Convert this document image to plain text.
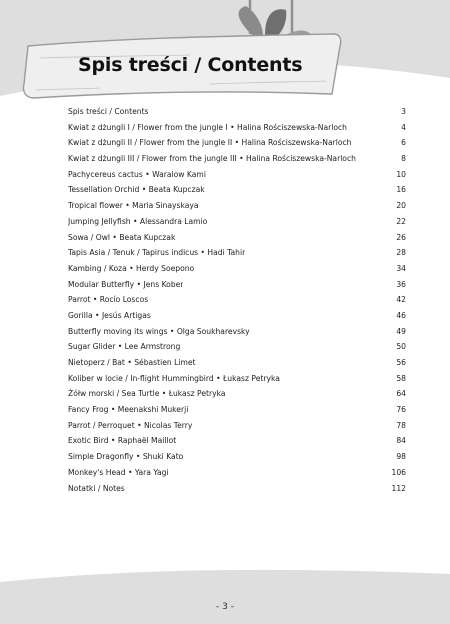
Spis treści / Contents
Spis treści / Contents	3
Kwiat z dżungli I / Flower from the jungle I • Halina Rościszewska-Narloch	4
Kwiat z dżungli II / Flower from the jungle II • Halina Rościszewska-Narloch	6
Kwiat z dżungli III / Flower from the jungle III • Halina Rościszewska-Narloch	8
Pachycereus cactus • Waralow Kami	10
Tessellation Orchid • Beata Kupczak	16
Tropical flower • Maria Sinayskaya	20
Jumping Jellyfish • Alessandra Lamio	22
Sowa / Owl • Beata Kupczak	26
Tapis Asia / Tenuk / Tapirus indicus • Hadi Tahir	28
Kambing / Koza • Herdy Soepono	34
Modular Butterfly • Jens Kober	36
Parrot • Rocío Loscos	42
Gorilla • Jesús Artigas	46
Butterfly moving its wings • Olga Soukharevsky	49
Sugar Glider • Lee Armstrong	50
Nietoperz / Bat • Sébastien Limet	56
Koliber w locie / In-flight Hummingbird • Łukasz Petryka	58
Żółw morski / Sea Turtle • Łukasz Petryka	64
Fancy Frog • Meenakshi Mukerji	76
Parrot / Perroquet • Nicolas Terry	78
Exotic Bird • Raphaël Maillot	84
Simple Dragonfly • Shuki Kato	98
Monkey's Head • Yara Yagi	106
Notatki / Notes	112
- 3 -
